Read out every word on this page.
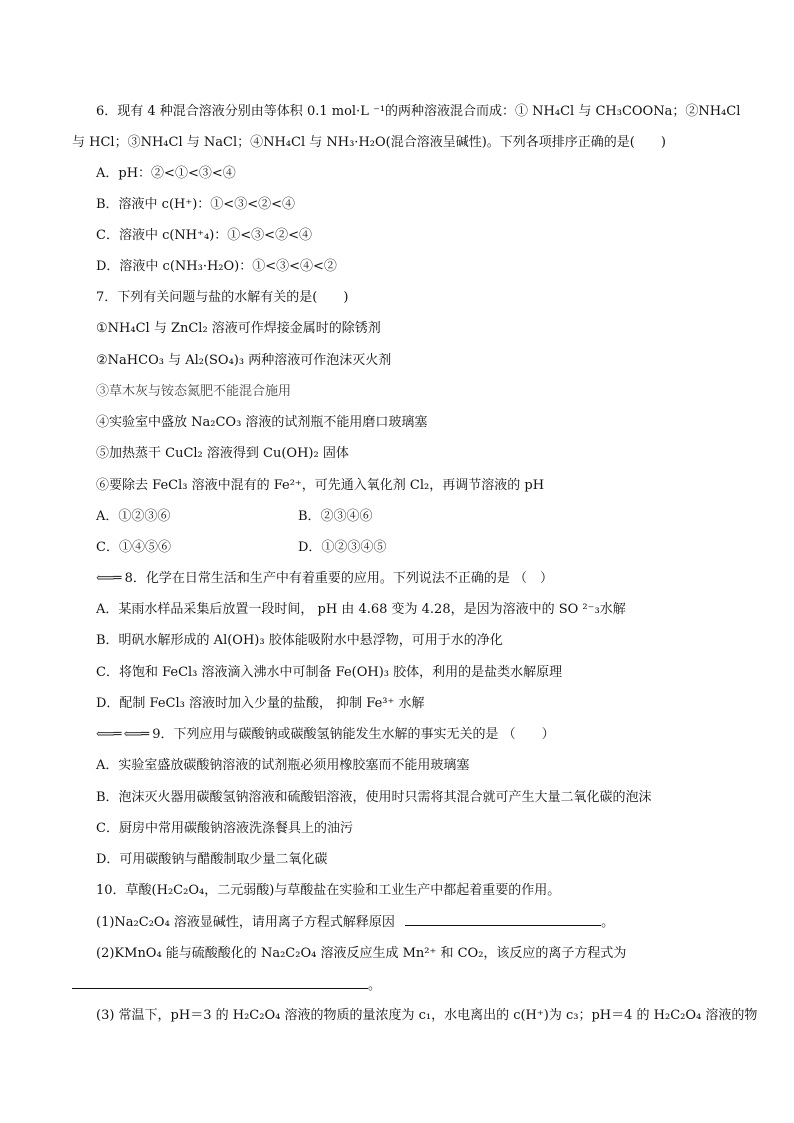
6．现有 4 种混合溶液分别由等体积 0.1 mol·L ⁻¹的两种溶液混合而成：① NH₄Cl 与 CH₃COONa；②NH₄Cl
与 HCl；③NH₄Cl 与 NaCl；④NH₄Cl 与 NH₃·H₂O(混合溶液呈碱性)。下列各项排序正确的是(　　)
A．pH：②<①<③<④
B．溶液中 c(H⁺)：①<③<②<④
C．溶液中 c(NH⁺₄)：①<③<②<④
D．溶液中 c(NH₃·H₂O)：①<③<④<②
7．下列有关问题与盐的水解有关的是(　　)
①NH₄Cl 与 ZnCl₂ 溶液可作焊接金属时的除锈剂
②NaHCO₃ 与 Al₂(SO₄)₃ 两种溶液可作泡沫灭火剂
③草木灰与铵态氮肥不能混合施用
④实验室中盛放 Na₂CO₃ 溶液的试剂瓶不能用磨口玻璃塞
⑤加热蒸干 CuCl₂ 溶液得到 Cu(OH)₂ 固体
⑥要除去 FeCl₃ 溶液中混有的 Fe²⁺，可先通入氧化剂 Cl₂，再调节溶液的 pH
A．①②③⑥	B．②③④⑥
C．①④⑤⑥	D．①②③④⑤
⟸═ 8．化学在日常生活和生产中有着重要的应用。下列说法不正确的是 （　）
A．某雨水样品采集后放置一段时间， pH 由 4.68 变为 4.28，是因为溶液中的 SO ²⁻₃水解
B．明矾水解形成的 Al(OH)₃ 胶体能吸附水中悬浮物，可用于水的净化
C．将饱和 FeCl₃ 溶液滴入沸水中可制备 Fe(OH)₃ 胶体，利用的是盐类水解原理
D．配制 FeCl₃ 溶液时加入少量的盐酸， 抑制 Fe³⁺ 水解
⟸═ ⟸═ 9．下列应用与碳酸钠或碳酸氢钠能发生水解的事实无关的是 （　　）
A．实验室盛放碳酸钠溶液的试剂瓶必须用橡胶塞而不能用玻璃塞
B．泡沫灭火器用碳酸氢钠溶液和硫酸铝溶液，使用时只需将其混合就可产生大量二氧化碳的泡沫
C．厨房中常用碳酸钠溶液洗涤餐具上的油污
D．可用碳酸钠与醋酸制取少量二氧化碳
10．草酸(H₂C₂O₄，二元弱酸)与草酸盐在实验和工业生产中都起着重要的作用。
(1)Na₂C₂O₄ 溶液显碱性，请用离子方程式解释原因	。
(2)KMnO₄ 能与硫酸酸化的 Na₂C₂O₄ 溶液反应生成 Mn²⁺ 和 CO₂，该反应的离子方程式为
。
(3) 常温下，pH＝3 的 H₂C₂O₄ 溶液的物质的量浓度为 c₁，水电离出的 c(H⁺)为 c₃；pH＝4 的 H₂C₂O₄ 溶液的物
